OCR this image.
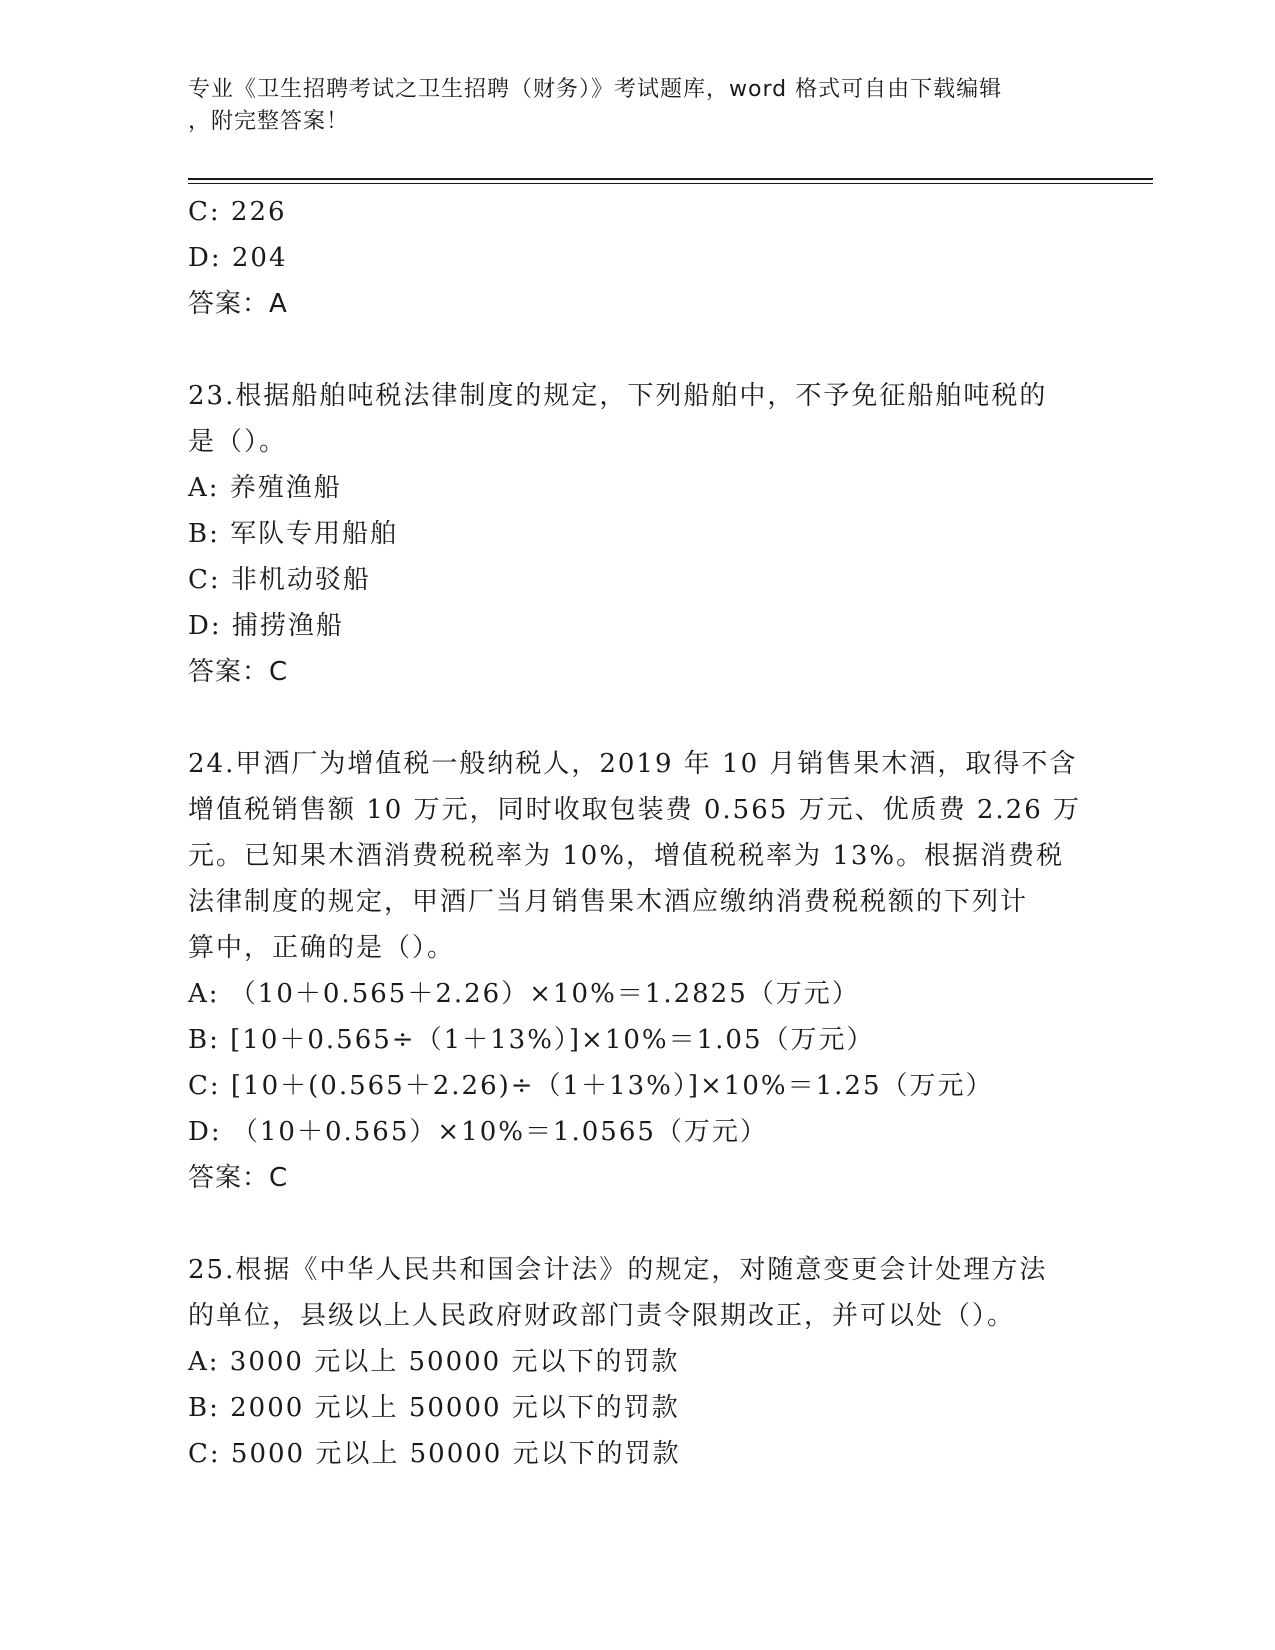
专业《卫生招聘考试之卫生招聘（财务）》考试题库，word 格式可自由下载编辑
，附完整答案！
C: 226
D: 204
答案：A
23.根据船舶吨税法律制度的规定，下列船舶中，不予免征船舶吨税的
是（）。
A: 养殖渔船
B: 军队专用船舶
C: 非机动驳船
D: 捕捞渔船
答案：C
24.甲酒厂为增值税一般纳税人，2019 年 10 月销售果木酒，取得不含
增值税销售额 10 万元，同时收取包装费 0.565 万元、优质费 2.26 万
元。已知果木酒消费税税率为 10%，增值税税率为 13%。根据消费税
法律制度的规定，甲酒厂当月销售果木酒应缴纳消费税税额的下列计
算中，正确的是（）。
A: （10＋0.565＋2.26）×10%＝1.2825（万元）
B: [10＋0.565÷（1＋13%）]×10%＝1.05（万元）
C: [10＋(0.565＋2.26)÷（1＋13%）]×10%＝1.25（万元）
D: （10＋0.565）×10%＝1.0565（万元）
答案：C
25.根据《中华人民共和国会计法》的规定，对随意变更会计处理方法
的单位，县级以上人民政府财政部门责令限期改正，并可以处（）。
A: 3000 元以上 50000 元以下的罚款
B: 2000 元以上 50000 元以下的罚款
C: 5000 元以上 50000 元以下的罚款
